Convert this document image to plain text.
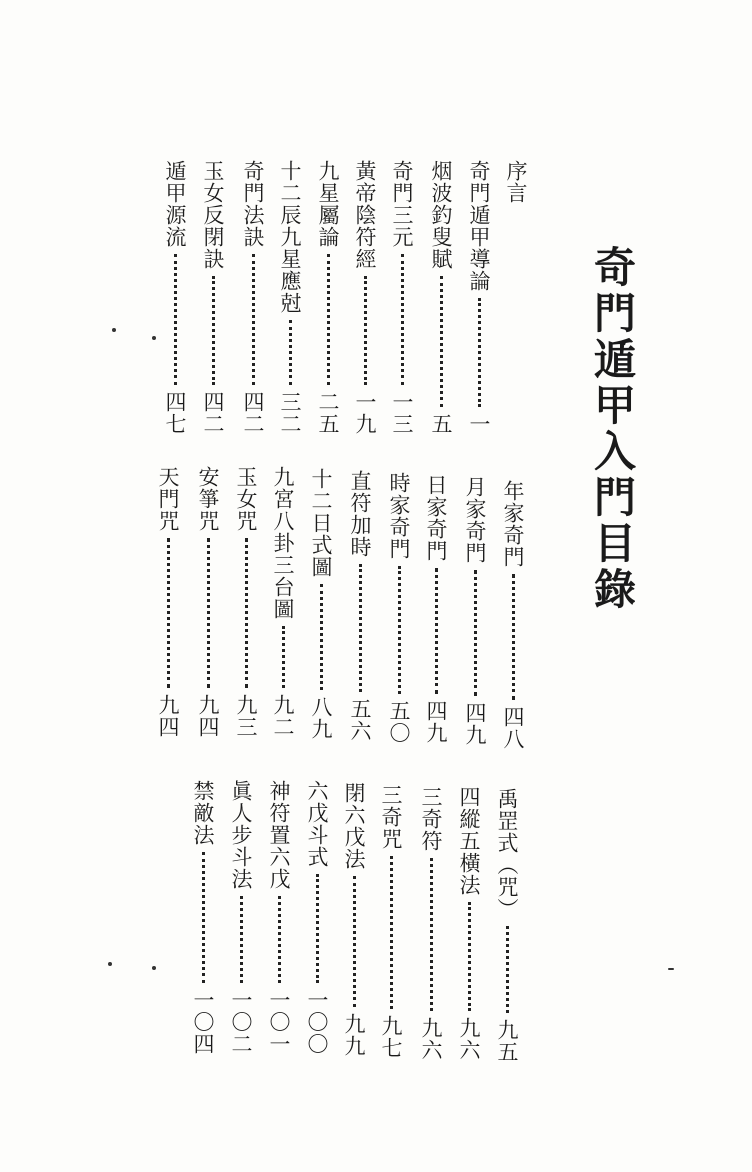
奇門遁甲入門目錄
序言
奇門遁甲導論
一
烟波釣叟賦
五
奇門三元
一三
黃帝陰符經
一九
九星屬論
二五
十二辰九星應尅
三二
奇門法訣
四二
玉女反閉訣
四二
遁甲源流
四七
年家奇門
四八
月家奇門
四九
日家奇門
四九
時家奇門
五〇
直符加時
五六
十二日式圖
八九
九宮八卦三台圖
九二
玉女咒
九三
安箏咒
九四
天門咒
九四
禹罡式（咒）
九五
四縱五橫法
九六
三奇符
九六
三奇咒
九七
閉六戊法
九九
六戊斗式
一〇〇
神符置六戊
一〇一
眞人步斗法
一〇二
禁敵法
一〇四
